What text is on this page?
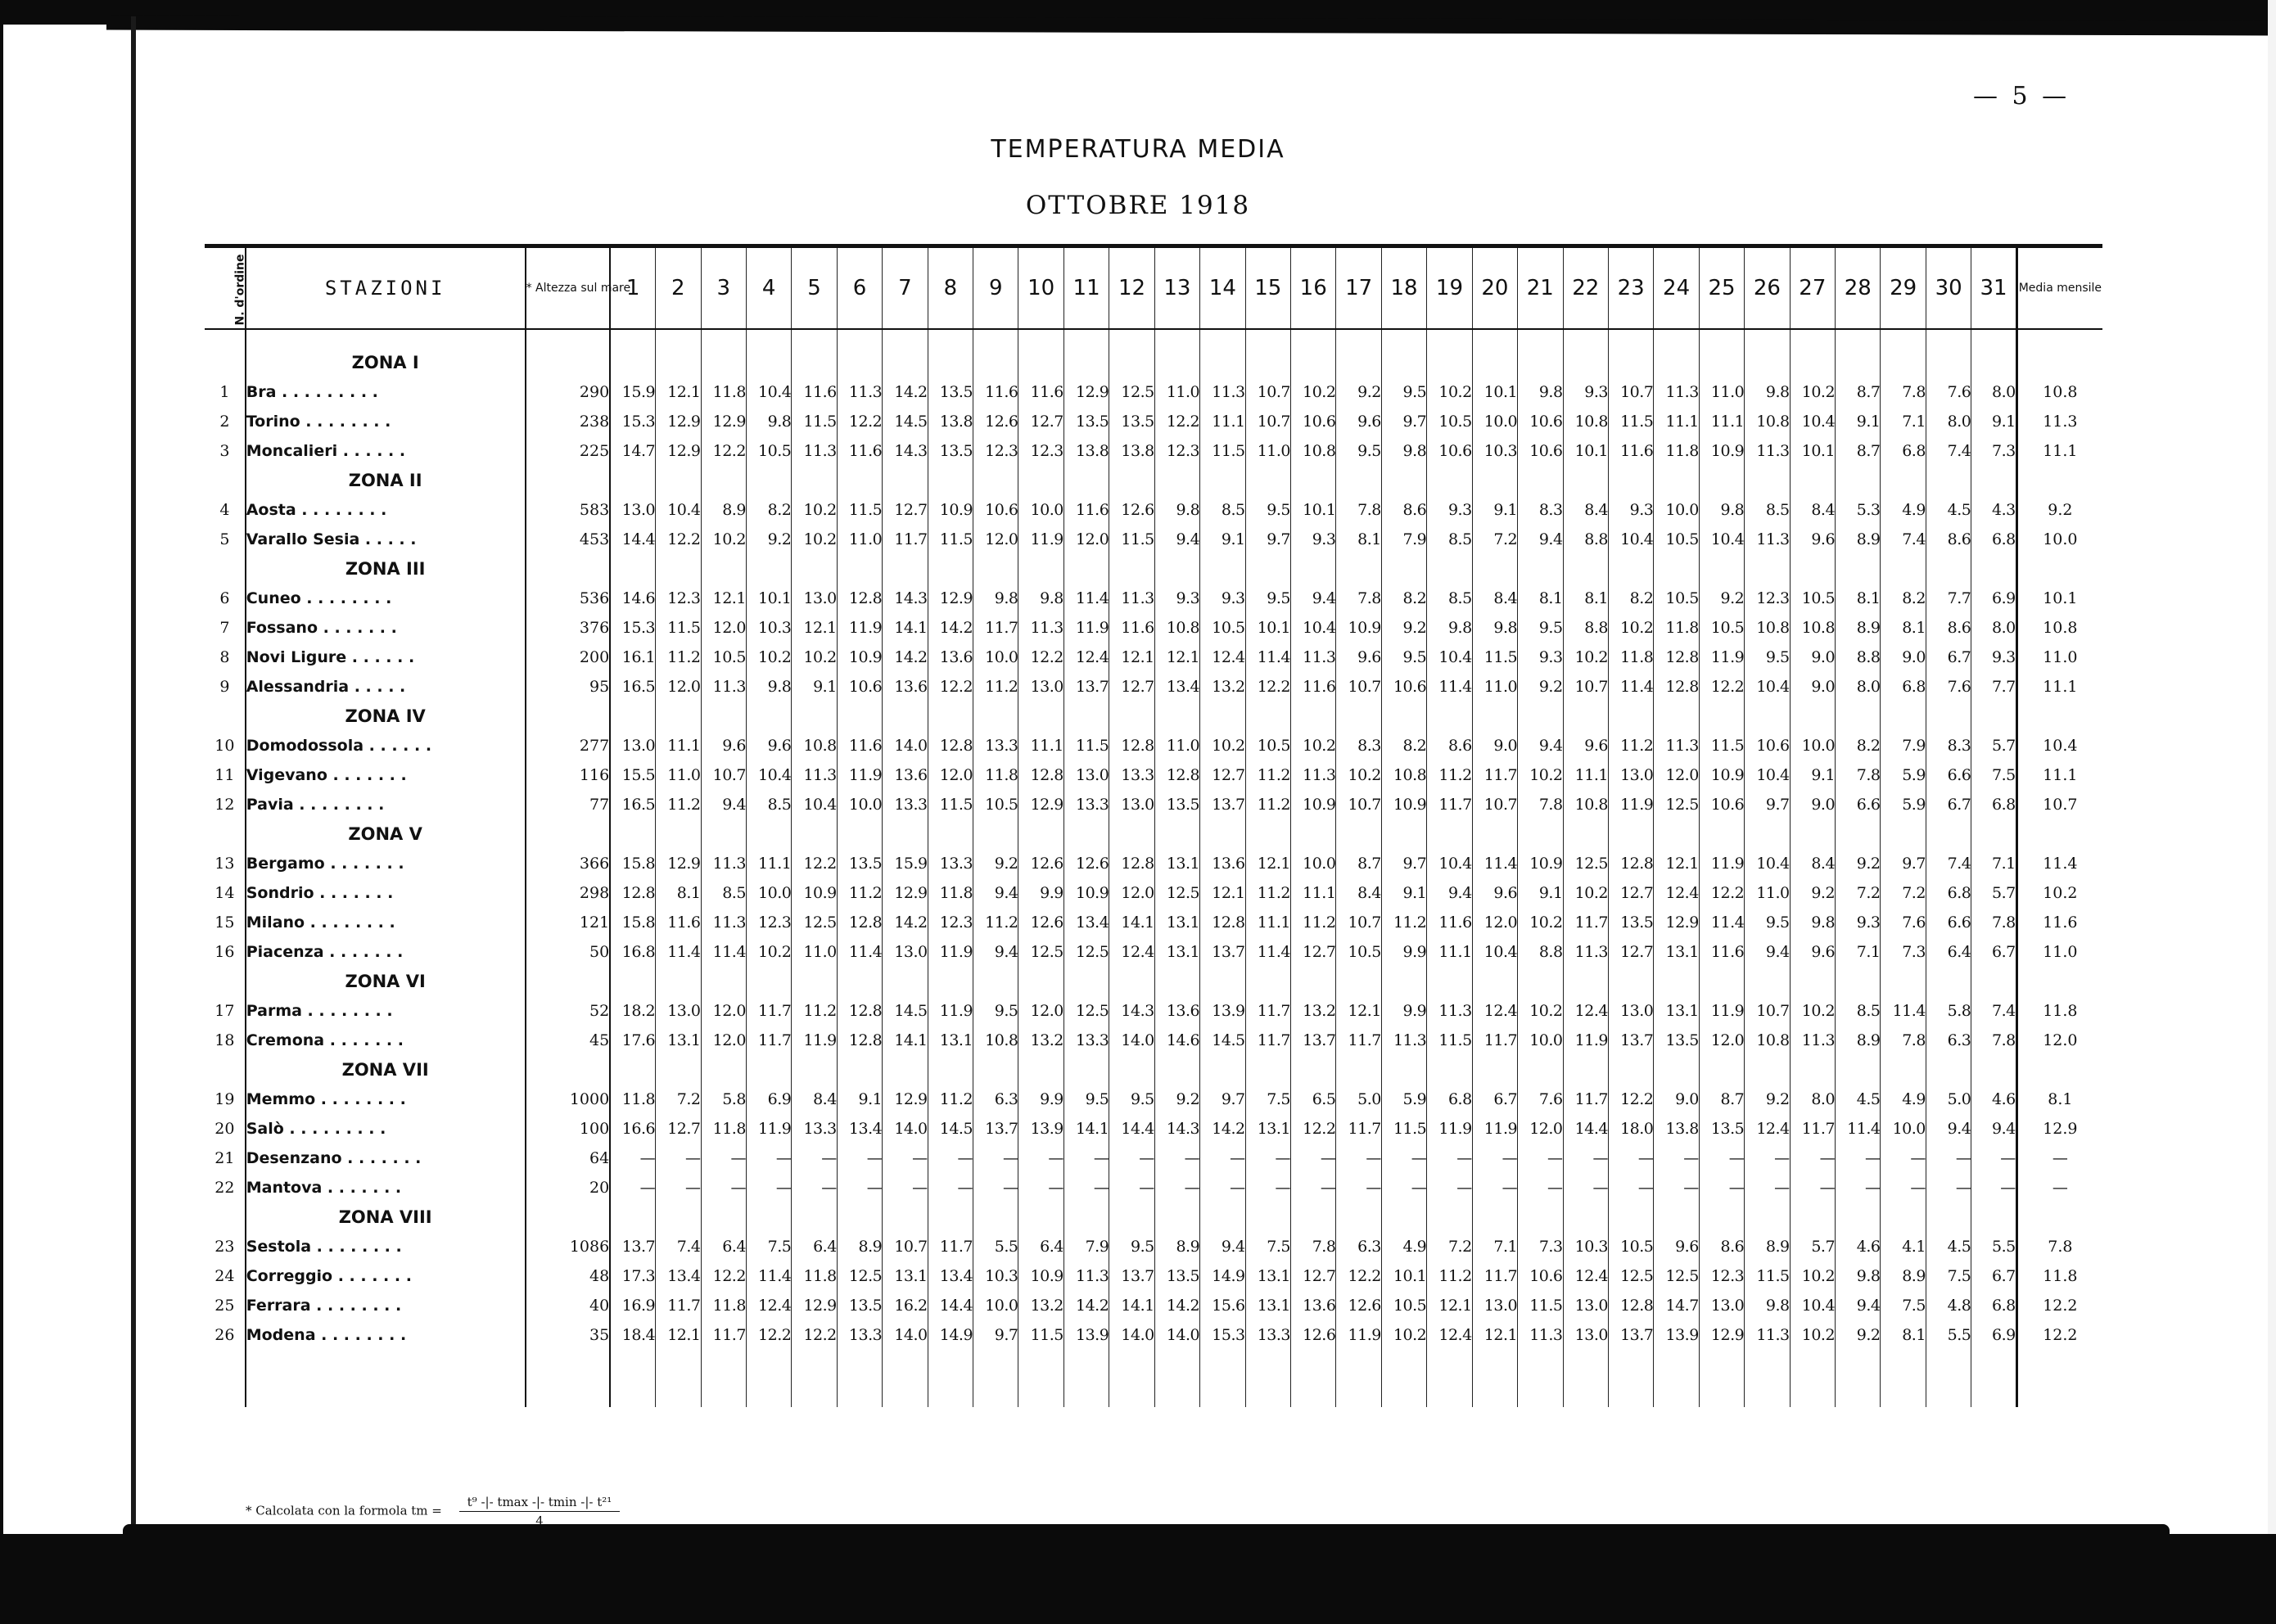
— 5 —
TEMPERATURA MEDIA
OTTOBRE 1918
N. d'ordine	STAZIONI	* Altezza sul mare	1	2	3	4	5	6	7	8	9	10	11	12	13	14	15	16	17	18	19	20	21	22	23	24	25	26	27	28	29	30	31	Media mensile

	ZONA I																																	
1	Bra . . . . . . . . .	290	15.9	12.1	11.8	10.4	11.6	11.3	14.2	13.5	11.6	11.6	12.9	12.5	11.0	11.3	10.7	10.2	9.2	9.5	10.2	10.1	9.8	9.3	10.7	11.3	11.0	9.8	10.2	8.7	7.8	7.6	8.0	10.8
2	Torino . . . . . . . .	238	15.3	12.9	12.9	9.8	11.5	12.2	14.5	13.8	12.6	12.7	13.5	13.5	12.2	11.1	10.7	10.6	9.6	9.7	10.5	10.0	10.6	10.8	11.5	11.1	11.1	10.8	10.4	9.1	7.1	8.0	9.1	11.3
3	Moncalieri . . . . . .	225	14.7	12.9	12.2	10.5	11.3	11.6	14.3	13.5	12.3	12.3	13.8	13.8	12.3	11.5	11.0	10.8	9.5	9.8	10.6	10.3	10.6	10.1	11.6	11.8	10.9	11.3	10.1	8.7	6.8	7.4	7.3	11.1
	ZONA II																																	
4	Aosta . . . . . . . .	583	13.0	10.4	8.9	8.2	10.2	11.5	12.7	10.9	10.6	10.0	11.6	12.6	9.8	8.5	9.5	10.1	7.8	8.6	9.3	9.1	8.3	8.4	9.3	10.0	9.8	8.5	8.4	5.3	4.9	4.5	4.3	9.2
5	Varallo Sesia . . . . .	453	14.4	12.2	10.2	9.2	10.2	11.0	11.7	11.5	12.0	11.9	12.0	11.5	9.4	9.1	9.7	9.3	8.1	7.9	8.5	7.2	9.4	8.8	10.4	10.5	10.4	11.3	9.6	8.9	7.4	8.6	6.8	10.0
	ZONA III																																	
6	Cuneo . . . . . . . .	536	14.6	12.3	12.1	10.1	13.0	12.8	14.3	12.9	9.8	9.8	11.4	11.3	9.3	9.3	9.5	9.4	7.8	8.2	8.5	8.4	8.1	8.1	8.2	10.5	9.2	12.3	10.5	8.1	8.2	7.7	6.9	10.1
7	Fossano . . . . . . .	376	15.3	11.5	12.0	10.3	12.1	11.9	14.1	14.2	11.7	11.3	11.9	11.6	10.8	10.5	10.1	10.4	10.9	9.2	9.8	9.8	9.5	8.8	10.2	11.8	10.5	10.8	10.8	8.9	8.1	8.6	8.0	10.8
8	Novi Ligure . . . . . .	200	16.1	11.2	10.5	10.2	10.2	10.9	14.2	13.6	10.0	12.2	12.4	12.1	12.1	12.4	11.4	11.3	9.6	9.5	10.4	11.5	9.3	10.2	11.8	12.8	11.9	9.5	9.0	8.8	9.0	6.7	9.3	11.0
9	Alessandria . . . . .	95	16.5	12.0	11.3	9.8	9.1	10.6	13.6	12.2	11.2	13.0	13.7	12.7	13.4	13.2	12.2	11.6	10.7	10.6	11.4	11.0	9.2	10.7	11.4	12.8	12.2	10.4	9.0	8.0	6.8	7.6	7.7	11.1
	ZONA IV																																	
10	Domodossola . . . . . .	277	13.0	11.1	9.6	9.6	10.8	11.6	14.0	12.8	13.3	11.1	11.5	12.8	11.0	10.2	10.5	10.2	8.3	8.2	8.6	9.0	9.4	9.6	11.2	11.3	11.5	10.6	10.0	8.2	7.9	8.3	5.7	10.4
11	Vigevano . . . . . . .	116	15.5	11.0	10.7	10.4	11.3	11.9	13.6	12.0	11.8	12.8	13.0	13.3	12.8	12.7	11.2	11.3	10.2	10.8	11.2	11.7	10.2	11.1	13.0	12.0	10.9	10.4	9.1	7.8	5.9	6.6	7.5	11.1
12	Pavia . . . . . . . .	77	16.5	11.2	9.4	8.5	10.4	10.0	13.3	11.5	10.5	12.9	13.3	13.0	13.5	13.7	11.2	10.9	10.7	10.9	11.7	10.7	7.8	10.8	11.9	12.5	10.6	9.7	9.0	6.6	5.9	6.7	6.8	10.7
	ZONA V																																	
13	Bergamo . . . . . . .	366	15.8	12.9	11.3	11.1	12.2	13.5	15.9	13.3	9.2	12.6	12.6	12.8	13.1	13.6	12.1	10.0	8.7	9.7	10.4	11.4	10.9	12.5	12.8	12.1	11.9	10.4	8.4	9.2	9.7	7.4	7.1	11.4
14	Sondrio . . . . . . .	298	12.8	8.1	8.5	10.0	10.9	11.2	12.9	11.8	9.4	9.9	10.9	12.0	12.5	12.1	11.2	11.1	8.4	9.1	9.4	9.6	9.1	10.2	12.7	12.4	12.2	11.0	9.2	7.2	7.2	6.8	5.7	10.2
15	Milano . . . . . . . .	121	15.8	11.6	11.3	12.3	12.5	12.8	14.2	12.3	11.2	12.6	13.4	14.1	13.1	12.8	11.1	11.2	10.7	11.2	11.6	12.0	10.2	11.7	13.5	12.9	11.4	9.5	9.8	9.3	7.6	6.6	7.8	11.6
16	Piacenza . . . . . . .	50	16.8	11.4	11.4	10.2	11.0	11.4	13.0	11.9	9.4	12.5	12.5	12.4	13.1	13.7	11.4	12.7	10.5	9.9	11.1	10.4	8.8	11.3	12.7	13.1	11.6	9.4	9.6	7.1	7.3	6.4	6.7	11.0
	ZONA VI																																	
17	Parma . . . . . . . .	52	18.2	13.0	12.0	11.7	11.2	12.8	14.5	11.9	9.5	12.0	12.5	14.3	13.6	13.9	11.7	13.2	12.1	9.9	11.3	12.4	10.2	12.4	13.0	13.1	11.9	10.7	10.2	8.5	11.4	5.8	7.4	11.8
18	Cremona . . . . . . .	45	17.6	13.1	12.0	11.7	11.9	12.8	14.1	13.1	10.8	13.2	13.3	14.0	14.6	14.5	11.7	13.7	11.7	11.3	11.5	11.7	10.0	11.9	13.7	13.5	12.0	10.8	11.3	8.9	7.8	6.3	7.8	12.0
	ZONA VII																																	
19	Memmo . . . . . . . .	1000	11.8	7.2	5.8	6.9	8.4	9.1	12.9	11.2	6.3	9.9	9.5	9.5	9.2	9.7	7.5	6.5	5.0	5.9	6.8	6.7	7.6	11.7	12.2	9.0	8.7	9.2	8.0	4.5	4.9	5.0	4.6	8.1
20	Salò . . . . . . . . .	100	16.6	12.7	11.8	11.9	13.3	13.4	14.0	14.5	13.7	13.9	14.1	14.4	14.3	14.2	13.1	12.2	11.7	11.5	11.9	11.9	12.0	14.4	18.0	13.8	13.5	12.4	11.7	11.4	10.0	9.4	9.4	12.9
21	Desenzano . . . . . . .	64	—	—	—	—	—	—	—	—	—	—	—	—	—	—	—	—	—	—	—	—	—	—	—	—	—	—	—	—	—	—	—	—
22	Mantova . . . . . . .	20	—	—	—	—	—	—	—	—	—	—	—	—	—	—	—	—	—	—	—	—	—	—	—	—	—	—	—	—	—	—	—	—
	ZONA VIII																																	
23	Sestola . . . . . . . .	1086	13.7	7.4	6.4	7.5	6.4	8.9	10.7	11.7	5.5	6.4	7.9	9.5	8.9	9.4	7.5	7.8	6.3	4.9	7.2	7.1	7.3	10.3	10.5	9.6	8.6	8.9	5.7	4.6	4.1	4.5	5.5	7.8
24	Correggio . . . . . . .	48	17.3	13.4	12.2	11.4	11.8	12.5	13.1	13.4	10.3	10.9	11.3	13.7	13.5	14.9	13.1	12.7	12.2	10.1	11.2	11.7	10.6	12.4	12.5	12.5	12.3	11.5	10.2	9.8	8.9	7.5	6.7	11.8
25	Ferrara . . . . . . . .	40	16.9	11.7	11.8	12.4	12.9	13.5	16.2	14.4	10.0	13.2	14.2	14.1	14.2	15.6	13.1	13.6	12.6	10.5	12.1	13.0	11.5	13.0	12.8	14.7	13.0	9.8	10.4	9.4	7.5	4.8	6.8	12.2
26	Modena . . . . . . . .	35	18.4	12.1	11.7	12.2	12.2	13.3	14.0	14.9	9.7	11.5	13.9	14.0	14.0	15.3	13.3	12.6	11.9	10.2	12.4	12.1	11.3	13.0	13.7	13.9	12.9	11.3	10.2	9.2	8.1	5.5	6.9	12.2

* Calcolata con la formola tm = $\frac{\text{t⁹ -|- tmax -|- tmin -|- t²¹}}{4}$
